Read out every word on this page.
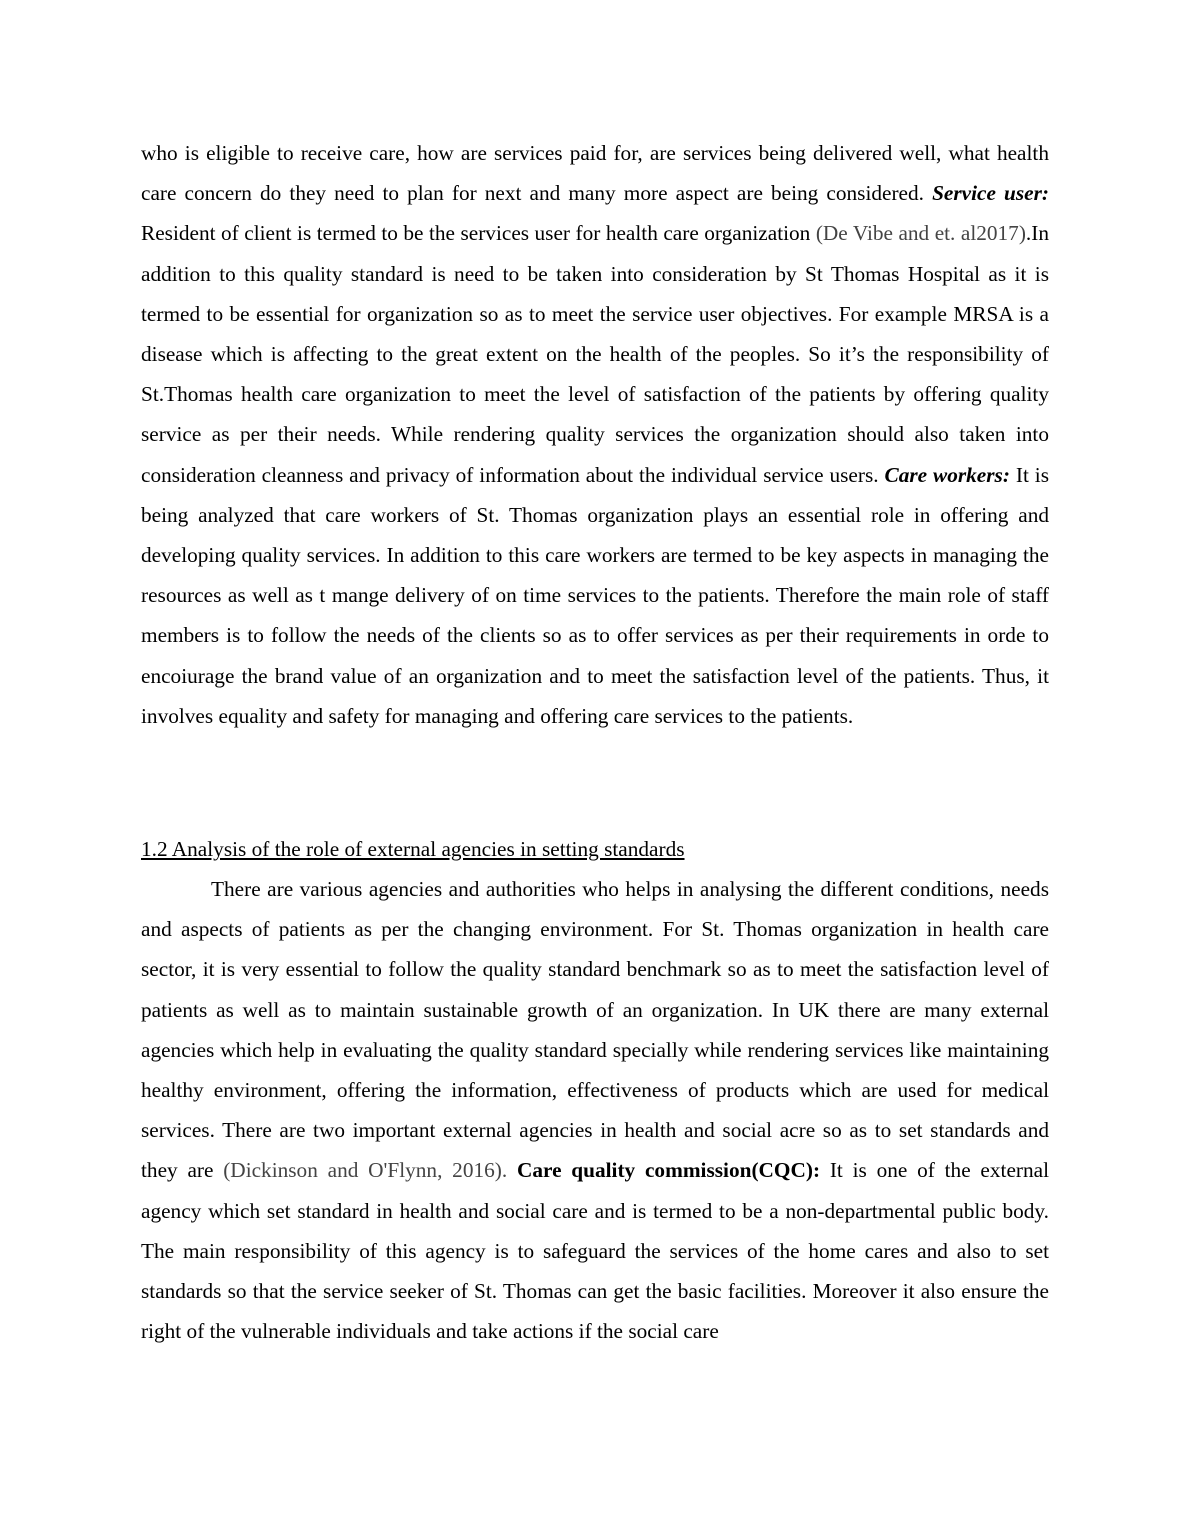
who is eligible to receive care, how are services paid for, are services being delivered well, what health care concern do they need to plan for next and many more aspect are being considered. Service user: Resident of client is termed to be the services user for health care organization (De Vibe and et. al2017).In addition to this quality standard is need to be taken into consideration by St Thomas Hospital as it is termed to be essential for organization so as to meet the service user objectives. For example MRSA is a disease which is affecting to the great extent on the health of the peoples. So it’s the responsibility of St.Thomas health care organization to meet the level of satisfaction of the patients by offering quality service as per their needs. While rendering quality services the organization should also taken into consideration cleanness and privacy of information about the individual service users. Care workers: It is being analyzed that care workers of St. Thomas organization plays an essential role in offering and developing quality services. In addition to this care workers are termed to be key aspects in managing the resources as well as t mange delivery of on time services to the patients. Therefore the main role of staff members is to follow the needs of the clients so as to offer services as per their requirements in orde to encoiurage the brand value of an organization and to meet the satisfaction level of the patients. Thus, it involves equality and safety for managing and offering care services to the patients.

1.2 Analysis of the role of external agencies in setting standards

There are various agencies and authorities who helps in analysing the different conditions, needs and aspects of patients as per the changing environment. For St. Thomas organization in health care sector, it is very essential to follow the quality standard benchmark so as to meet the satisfaction level of patients as well as to maintain sustainable growth of an organization. In UK there are many external agencies which help in evaluating the quality standard specially while rendering services like maintaining healthy environment, offering the information, effectiveness of products which are used for medical services. There are two important external agencies in health and social acre so as to set standards and they are (Dickinson and O'Flynn, 2016). Care quality commission(CQC): It is one of the external agency which set standard in health and social care and is termed to be a non-departmental public body. The main responsibility of this agency is to safeguard the services of the home cares and also to set standards so that the service seeker of St. Thomas can get the basic facilities. Moreover it also ensure the right of the vulnerable individuals and take actions if the social care
